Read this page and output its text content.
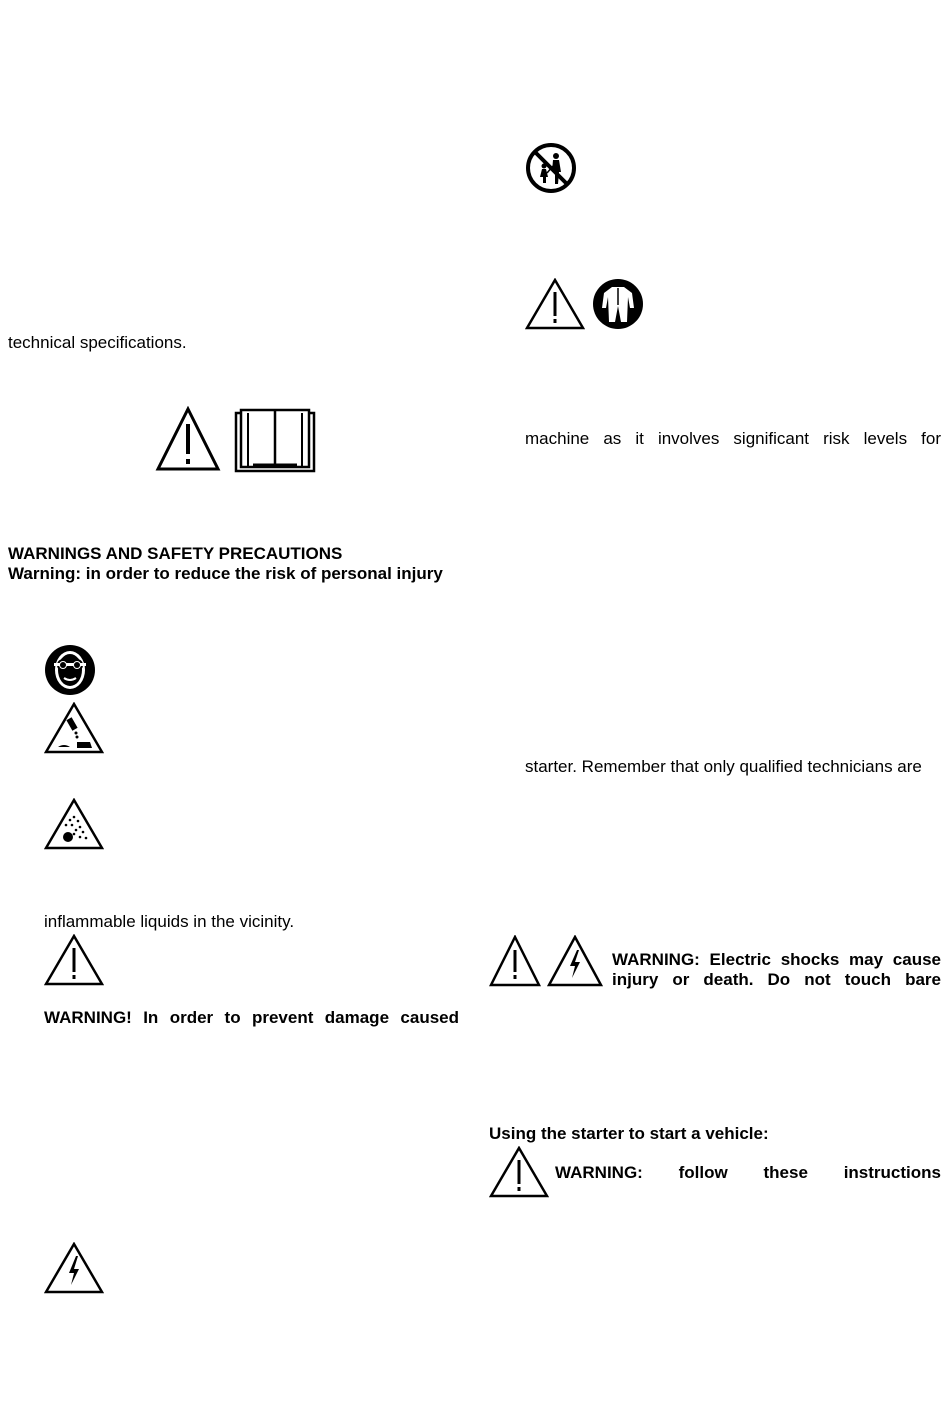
technical specifications.
WARNINGS AND SAFETY PRECAUTIONS
Warning: in order to reduce the risk of personal injury
inflammable liquids in the vicinity.
WARNING! In order to prevent damage caused
machine as it involves significant risk levels for
starter. Remember that only qualified technicians are
WARNING: Electric shocks may cause
injury or death. Do not touch bare
Using the starter to start a vehicle:
WARNING: follow these instructions
